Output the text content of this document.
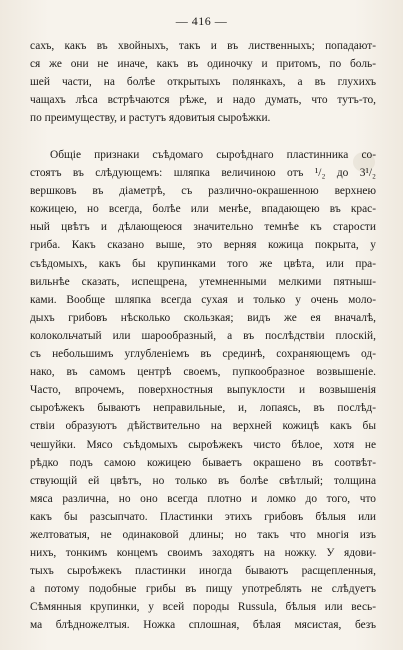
— 416 —
сахъ, какъ въ хвойныхъ, такъ и въ лиственныхъ; попадают-
ся же они не иначе, какъ въ одиночку и притомъ, по боль-
шей части, на болѣе открытыхъ полянкахъ, а въ глухихъ
чащахъ лѣса встрѣчаются рѣже, и надо думать, что тутъ-то,
по преимуществу, и растутъ ядовитыя сыроѣжки.
Общіе признаки съѣдомаго сыроѣднаго пластинника со-
стоятъ въ слѣдующемъ: шляпка величиною отъ ¹/₂ до 3¹/₂
вершковъ въ діаметрѣ, съ различно-окрашенною верхнею
кожицею, но всегда, болѣе или менѣе, впадающею въ крас-
ный цвѣтъ и дѣлающеюся значительно темнѣе къ старости
гриба. Какъ сказано выше, это верняя кожица покрыта, у
съѣдомыхъ, какъ бы крупинками того же цвѣта, или пра-
вильнѣе сказать, испещрена, утемненными мелкими пятныш-
ками. Вообще шляпка всегда сухая и только у очень моло-
дыхъ грибовъ нѣсколько скользкая; видъ же ея вначалѣ,
колокольчатый или шарообразный, а въ послѣдствіи плоскій,
съ небольшимъ углубленіемъ въ срединѣ, сохраняющемъ од-
нако, въ самомъ центрѣ своемъ, пупкообразное возвышеніе.
Часто, впрочемъ, поверхностныя выпуклости и возвышенія
сыроѣжекъ бываютъ неправильные, и, лопаясь, въ послѣд-
ствіи образуютъ дѣйствительно на верхней кожицѣ какъ бы
чешуйки. Мясо съѣдомыхъ сыроѣжекъ чисто бѣлое, хотя не
рѣдко подъ самою кожицею бываетъ окрашено въ соотвѣт-
ствующій ей цвѣтъ, но только въ болѣе свѣтлый; толщина
мяса различна, но оно всегда плотно и ломко до того, что
какъ бы разсыпчато. Пластинки этихъ грибовъ бѣлыя или
желтоватыя, не одинаковой длины; но такъ что многія изъ
нихъ, тонкимъ концемъ своимъ заходятъ на ножку. У ядови-
тыхъ сыроѣжекъ пластинки иногда бываютъ расщепленныя,
а потому подобные грибы въ пищу употреблять не слѣдуетъ
Сѣмянныя крупинки, у всей породы Russula, бѣлыя или весь-
ма блѣдножелтыя. Ножка сплошная, бѣлая мясистая, безъ
